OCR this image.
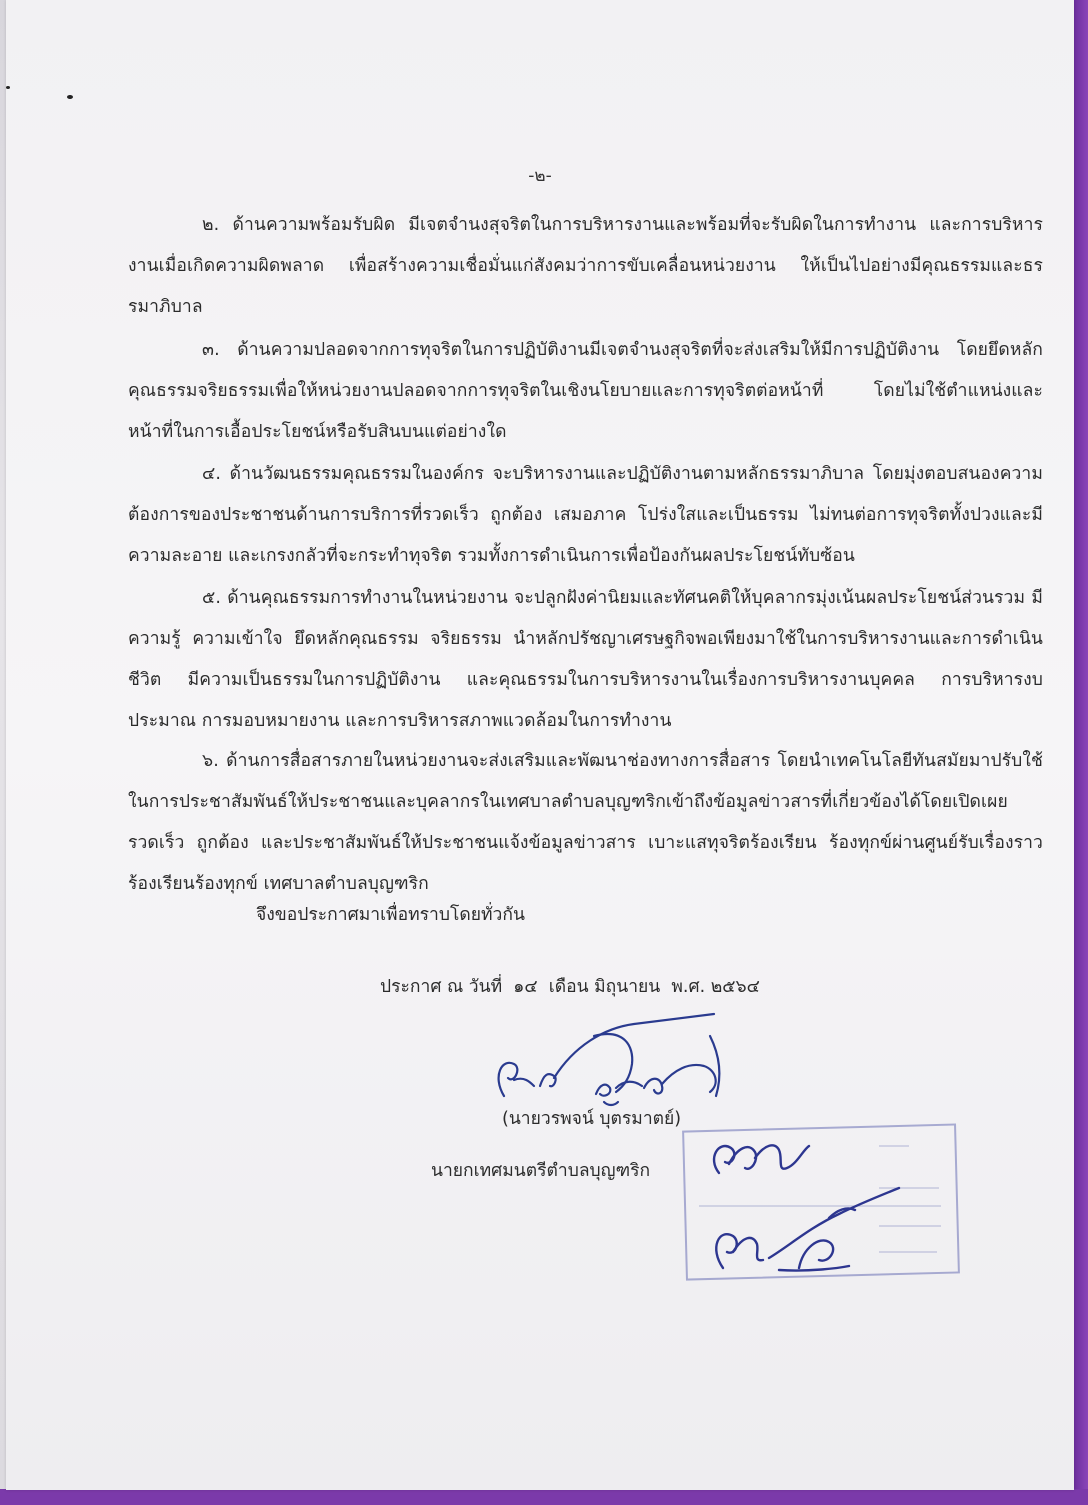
-๒-

๒. ด้านความพร้อมรับผิด มีเจตจำนงสุจริตในการบริหารงานและพร้อมที่จะรับผิดในการทำงาน และการบริหารงานเมื่อเกิดความผิดพลาด เพื่อสร้างความเชื่อมั่นแก่สังคมว่าการขับเคลื่อนหน่วยงาน ให้เป็นไปอย่างมีคุณธรรมและธรรมาภิบาล

๓. ด้านความปลอดจากการทุจริตในการปฏิบัติงานมีเจตจำนงสุจริตที่จะส่งเสริมให้มีการปฏิบัติงาน โดยยึดหลักคุณธรรมจริยธรรมเพื่อให้หน่วยงานปลอดจากการทุจริตในเชิงนโยบายและการทุจริตต่อหน้าที่ โดยไม่ใช้ตำแหน่งและหน้าที่ในการเอื้อประโยชน์หรือรับสินบนแต่อย่างใด

๔. ด้านวัฒนธรรมคุณธรรมในองค์กร จะบริหารงานและปฏิบัติงานตามหลักธรรมาภิบาล โดยมุ่งตอบสนองความต้องการของประชาชนด้านการบริการที่รวดเร็ว ถูกต้อง เสมอภาค โปร่งใสและเป็นธรรม ไม่ทนต่อการทุจริตทั้งปวงและมีความละอาย และเกรงกลัวที่จะกระทำทุจริต รวมทั้งการดำเนินการเพื่อป้องกันผลประโยชน์ทับซ้อน

๕. ด้านคุณธรรมการทำงานในหน่วยงาน จะปลูกฝังค่านิยมและทัศนคติให้บุคลากรมุ่งเน้นผลประโยชน์ส่วนรวม มีความรู้ ความเข้าใจ ยึดหลักคุณธรรม จริยธรรม นำหลักปรัชญาเศรษฐกิจพอเพียงมาใช้ในการบริหารงานและการดำเนินชีวิต มีความเป็นธรรมในการปฏิบัติงาน และคุณธรรมในการบริหารงานในเรื่องการบริหารงานบุคคล การบริหารงบประมาณ การมอบหมายงาน และการบริหารสภาพแวดล้อมในการทำงาน

๖. ด้านการสื่อสารภายในหน่วยงานจะส่งเสริมและพัฒนาช่องทางการสื่อสาร โดยนำเทคโนโลยีทันสมัยมาปรับใช้ในการประชาสัมพันธ์ให้ประชาชนและบุคลากรในเทศบาลตำบลบุญฑริกเข้าถึงข้อมูลข่าวสารที่เกี่ยวข้องได้โดยเปิดเผยรวดเร็ว ถูกต้อง และประชาสัมพันธ์ให้ประชาชนแจ้งข้อมูลข่าวสาร เบาะแสทุจริตร้องเรียน ร้องทุกข์ผ่านศูนย์รับเรื่องราวร้องเรียนร้องทุกข์ เทศบาลตำบลบุญฑริก

จึงขอประกาศมาเพื่อทราบโดยทั่วกัน
ประกาศ ณ วันที่  ๑๔  เดือน มิถุนายน  พ.ศ. ๒๕๖๔
(นายวรพจน์ บุตรมาตย์)
นายกเทศมนตรีตำบลบุญฑริก
